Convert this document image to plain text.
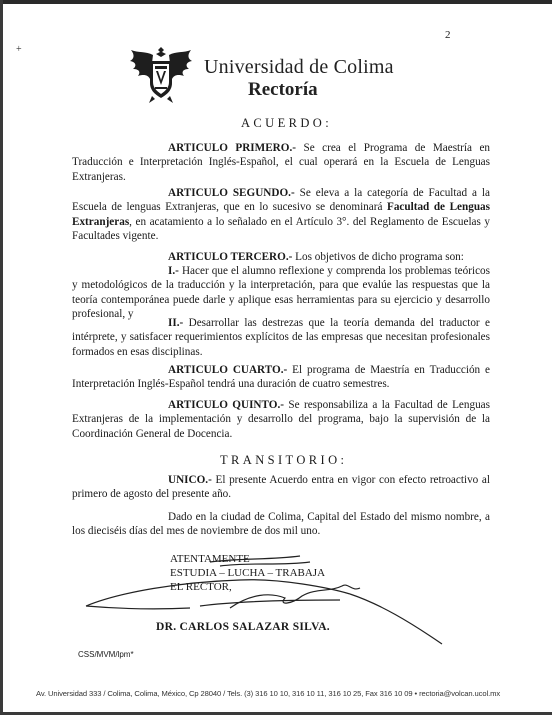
+
2
Universidad de Colima
Rectoría
ACUERDO:

ARTICULO PRIMERO.- Se crea el Programa de Maestría en Traducción e Interpretación Inglés-Español, el cual operará en la Escuela de Lenguas Extranjeras.

ARTICULO SEGUNDO.- Se eleva a la categoría de Facultad a la Escuela de lenguas Extranjeras, que en lo sucesivo se denominará Facultad de Lenguas Extranjeras, en acatamiento a lo señalado en el Artículo 3°. del Reglamento de Escuelas y Facultades vigente.

ARTICULO TERCERO.- Los objetivos de dicho programa son:

I.- Hacer que el alumno reflexione y comprenda los problemas teóricos y metodológicos de la traducción y la interpretación, para que evalúe las respuestas que la teoría contemporánea puede darle y aplique esas herramientas para su ejercicio y desarrollo profesional, y

II.- Desarrollar las destrezas que la teoría demanda del traductor e intérprete, y satisfacer requerimientos explícitos de las empresas que necesitan profesionales formados en esas disciplinas.

ARTICULO CUARTO.- El programa de Maestría en Traducción e Interpretación Inglés-Español tendrá una duración de cuatro semestres.

ARTICULO QUINTO.- Se responsabiliza a la Facultad de Lenguas Extranjeras de la implementación y desarrollo del programa, bajo la supervisión de la Coordinación General de Docencia.

TRANSITORIO:

UNICO.- El presente Acuerdo entra en vigor con efecto retroactivo al primero de agosto del presente año.

Dado en la ciudad de Colima, Capital del Estado del mismo nombre, a los dieciséis días del mes de noviembre de dos mil uno.

ATENTAMENTE
ESTUDIA – LUCHA – TRABAJA
EL RECTOR,
DR. CARLOS SALAZAR SILVA.
CSS/MVM/lpm*
Av. Universidad 333 / Colima, Colima, México, Cp 28040 / Tels. (3) 316 10 10, 316 10 11, 316 10 25, Fax 316 10 09 • rectoria@volcan.ucol.mx
